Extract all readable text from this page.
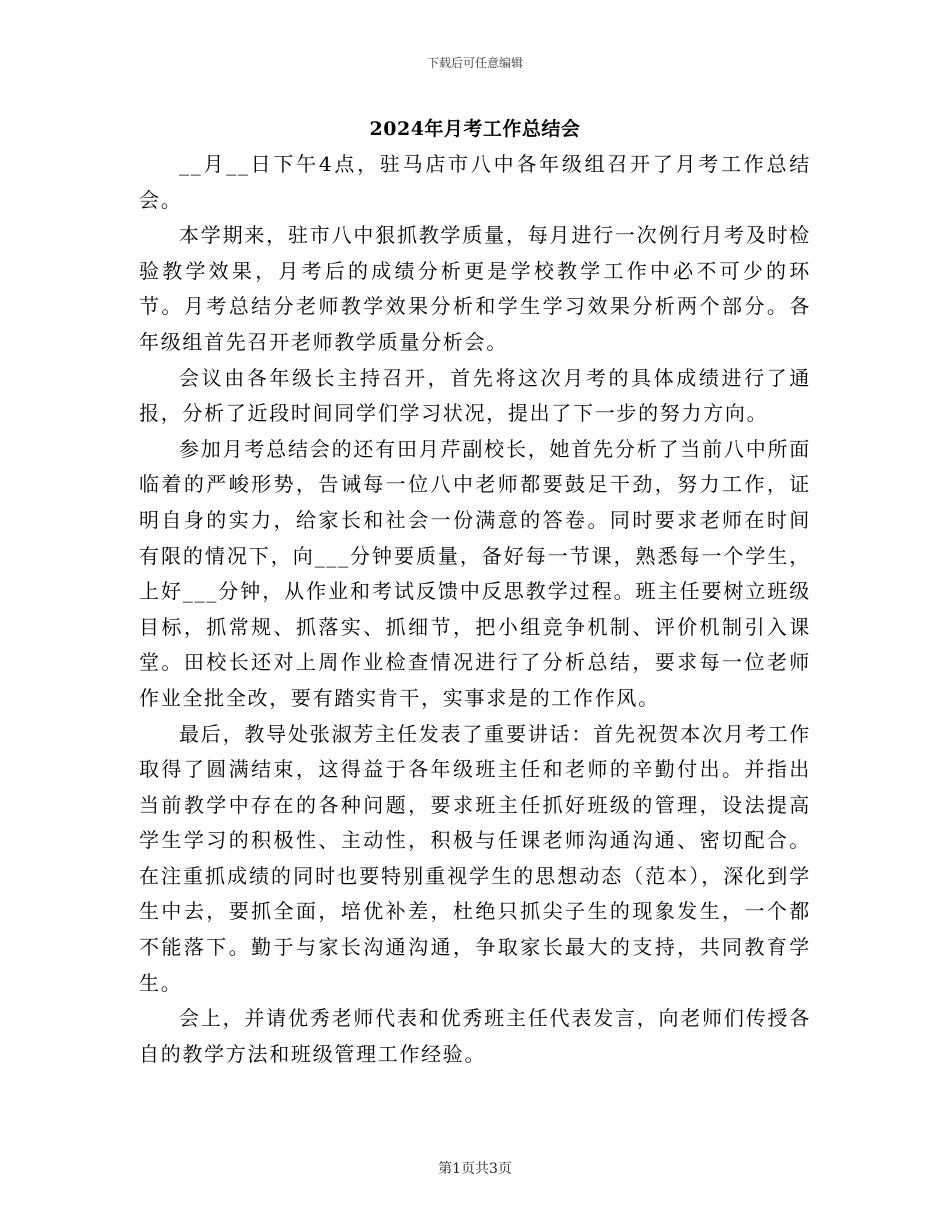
下载后可任意编辑
2024年月考工作总结会

__月__日下午4点，驻马店市八中各年级组召开了月考工作总结会。

本学期来，驻市八中狠抓教学质量，每月进行一次例行月考及时检验教学效果，月考后的成绩分析更是学校教学工作中必不可少的环节。月考总结分老师教学效果分析和学生学习效果分析两个部分。各年级组首先召开老师教学质量分析会。

会议由各年级长主持召开，首先将这次月考的具体成绩进行了通报，分析了近段时间同学们学习状况，提出了下一步的努力方向。

参加月考总结会的还有田月芹副校长，她首先分析了当前八中所面临着的严峻形势，告诫每一位八中老师都要鼓足干劲，努力工作，证明自身的实力，给家长和社会一份满意的答卷。同时要求老师在时间有限的情况下，向___分钟要质量，备好每一节课，熟悉每一个学生，上好___分钟，从作业和考试反馈中反思教学过程。班主任要树立班级目标，抓常规、抓落实、抓细节，把小组竞争机制、评价机制引入课堂。田校长还对上周作业检查情况进行了分析总结，要求每一位老师作业全批全改，要有踏实肯干，实事求是的工作作风。

最后，教导处张淑芳主任发表了重要讲话：首先祝贺本次月考工作取得了圆满结束，这得益于各年级班主任和老师的辛勤付出。并指出当前教学中存在的各种问题，要求班主任抓好班级的管理，设法提高学生学习的积极性、主动性，积极与任课老师沟通沟通、密切配合。在注重抓成绩的同时也要特别重视学生的思想动态（范本），深化到学生中去，要抓全面，培优补差，杜绝只抓尖子生的现象发生，一个都不能落下。勤于与家长沟通沟通，争取家长最大的支持，共同教育学生。

会上，并请优秀老师代表和优秀班主任代表发言，向老师们传授各自的教学方法和班级管理工作经验。

第1页共3页
